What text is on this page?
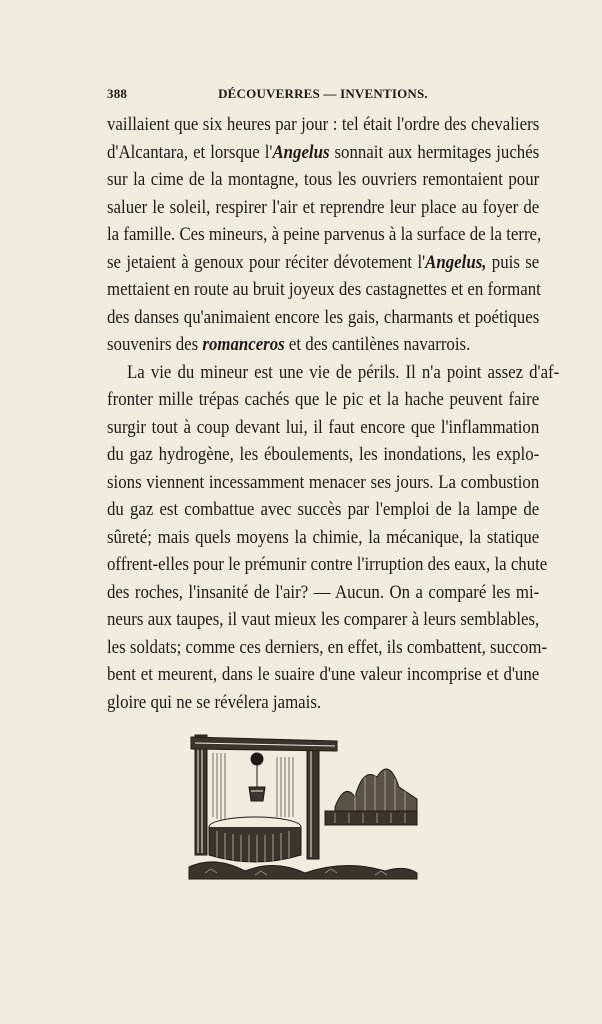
388	DÉCOUVERRES — INVENTIONS.
vaillaient que six heures par jour : tel était l'ordre des chevaliers
d'Alcantara, et lorsque l'Angelus sonnait aux hermitages juchés
sur la cime de la montagne, tous les ouvriers remontaient pour
saluer le soleil, respirer l'air et reprendre leur place au foyer de
la famille. Ces mineurs, à peine parvenus à la surface de la terre,
se jetaient à genoux pour réciter dévotement l'Angelus, puis se
mettaient en route au bruit joyeux des castagnettes et en formant
des danses qu'animaient encore les gais, charmants et poétiques
souvenirs des romanceros et des cantilènes navarrois.
La vie du mineur est une vie de périls. Il n'a point assez d'af-
fronter mille trépas cachés que le pic et la hache peuvent faire
surgir tout à coup devant lui, il faut encore que l'inflammation
du gaz hydrogène, les éboulements, les inondations, les explo-
sions viennent incessamment menacer ses jours. La combustion
du gaz est combattue avec succès par l'emploi de la lampe de
sûreté; mais quels moyens la chimie, la mécanique, la statique
offrent-elles pour le prémunir contre l'irruption des eaux, la chute
des roches, l'insanité de l'air? — Aucun. On a comparé les mi-
neurs aux taupes, il vaut mieux les comparer à leurs semblables,
les soldats; comme ces derniers, en effet, ils combattent, succom-
bent et meurent, dans le suaire d'une valeur incomprise et d'une
gloire qui ne se révélera jamais.
